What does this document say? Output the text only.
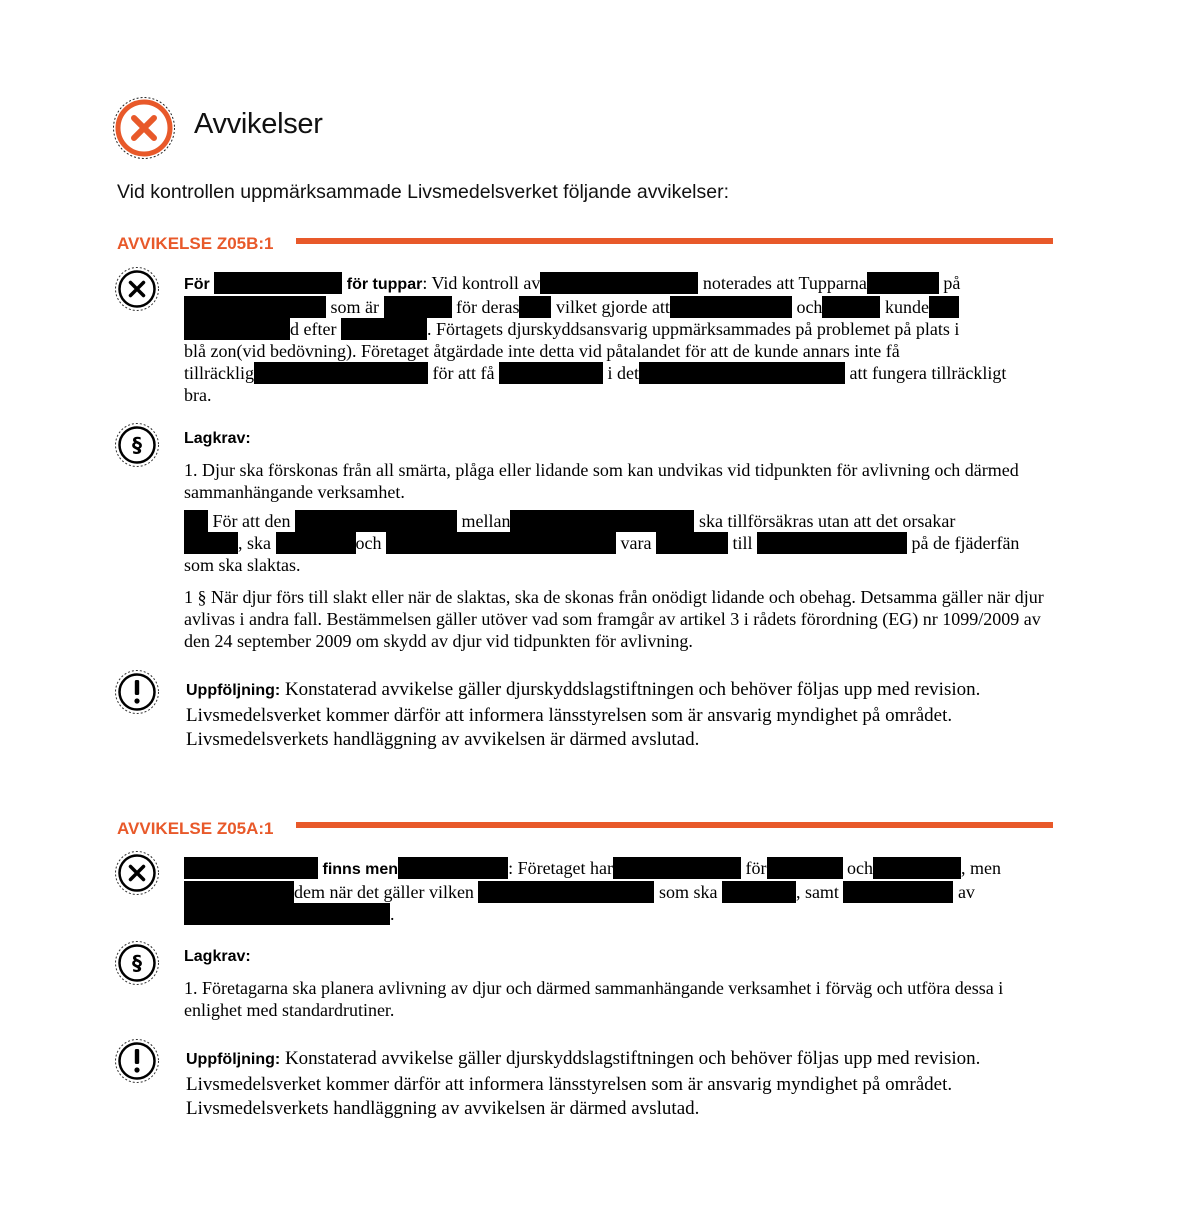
Avvikelser
Vid kontrollen uppmärksammade Livsmedelsverket följande avvikelser:
AVVIKELSE Z05B:1

För	för tuppar: Vid kontroll av	noterades att Tupparna	på

som är	för deras vilket gjorde att	och	kunde

d efter	. Förtagets djurskyddsansvarig uppmärksammades på problemet på plats i

blå zon(vid bedövning). Företaget åtgärdade inte detta vid påtalandet för att de kunde annars inte få

tillräcklig	för att få	i det	att fungera tillräckligt

bra.

§	Lagkrav:
1. Djur ska förskonas från all smärta, plåga eller lidande som kan undvikas vid tidpunkten för avlivning och därmed sammanhängande verksamhet.

För att den	mellan	ska tillförsäkras utan att det orsakar

, ska	och	vara	till	på de fjäderfän

som ska slaktas.

1 § När djur förs till slakt eller när de slaktas, ska de skonas från onödigt lidande och obehag. Detsamma gäller när djur avlivas i andra fall. Bestämmelsen gäller utöver vad som framgår av artikel 3 i rådets förordning (EG) nr 1099/2009 av den 24 september 2009 om skydd av djur vid tidpunkten för avlivning.
Uppföljning: Konstaterad avvikelse gäller djurskyddslagstiftningen och behöver följas upp med revision. Livsmedelsverket kommer därför att informera länsstyrelsen som är ansvarig myndighet på området. Livsmedelsverkets handläggning av avvikelsen är därmed avslutad.
AVVIKELSE Z05A:1

finns men	: Företaget har	för	och	, men

dem när det gäller vilken	som ska	, samt	av

.

§	Lagkrav:
1. Företagarna ska planera avlivning av djur och därmed sammanhängande verksamhet i förväg och utföra dessa i enlighet med standardrutiner.
Uppföljning: Konstaterad avvikelse gäller djurskyddslagstiftningen och behöver följas upp med revision. Livsmedelsverket kommer därför att informera länsstyrelsen som är ansvarig myndighet på området. Livsmedelsverkets handläggning av avvikelsen är därmed avslutad.
